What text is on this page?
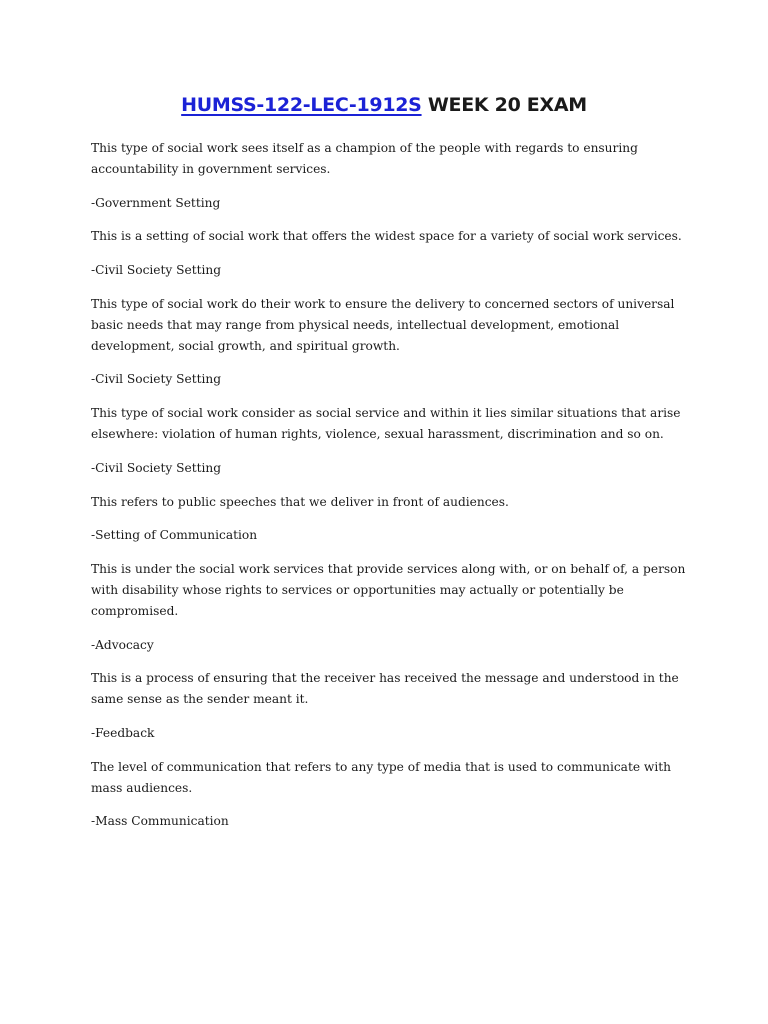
HUMSS-122-LEC-1912S WEEK 20 EXAM

This type of social work sees itself as a champion of the people with regards to ensuring accountability in government services.

-Government Setting

This is a setting of social work that offers the widest space for a variety of social work services.

-Civil Society Setting

This type of social work do their work to ensure the delivery to concerned sectors of universal basic needs that may range from physical needs, intellectual development, emotional development, social growth, and spiritual growth.

-Civil Society Setting

This type of social work consider as social service and within it lies similar situations that arise elsewhere: violation of human rights, violence, sexual harassment, discrimination and so on.

-Civil Society Setting

This refers to public speeches that we deliver in front of audiences.

-Setting of Communication

This is under the social work services that provide services along with, or on behalf of, a person with disability whose rights to services or opportunities may actually or potentially be compromised.

-Advocacy

This is a process of ensuring that the receiver has received the message and understood in the same sense as the sender meant it.

-Feedback

The level of communication that refers to any type of media that is used to communicate with mass audiences.

-Mass Communication
